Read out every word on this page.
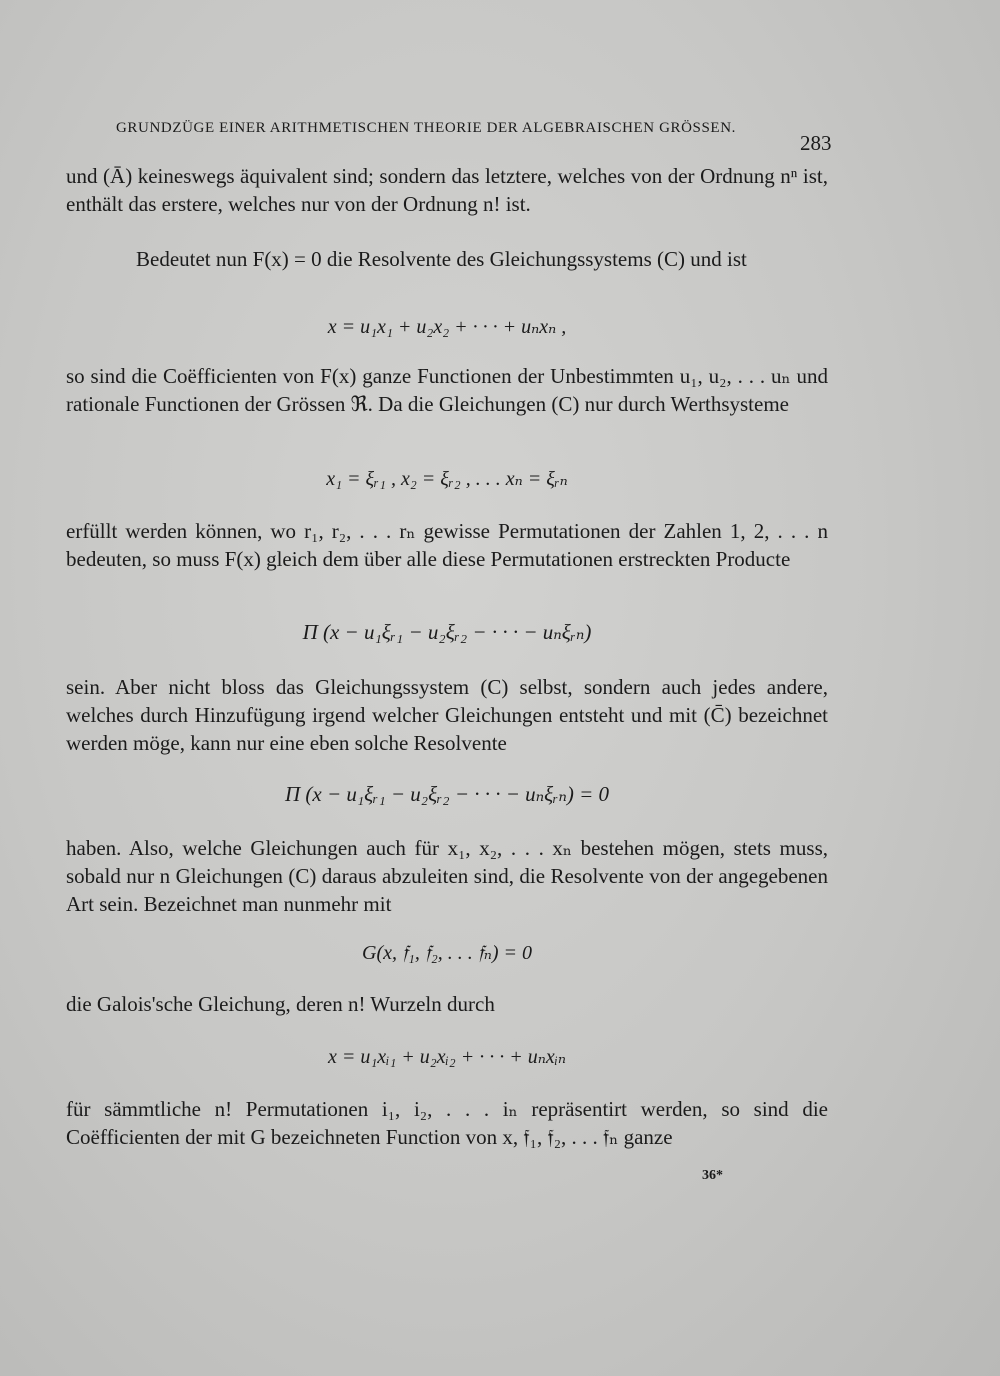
GRUNDZÜGE EINER ARITHMETISCHEN THEORIE DER ALGEBRAISCHEN GRÖSSEN.
283
und (Ā) keineswegs äquivalent sind; sondern das letztere, welches von der Ordnung nⁿ ist, enthält das erstere, welches nur von der Ordnung n! ist.
Bedeutet nun F(x) = 0 die Resolvente des Gleichungssystems (C) und ist
x = u₁x₁ + u₂x₂ + · · · + uₙxₙ ,
so sind die Coëfficienten von F(x) ganze Functionen der Unbestimmten u₁, u₂, . . . uₙ und rationale Functionen der Grössen ℜ. Da die Gleichungen (C) nur durch Werthsysteme
x₁ = ξᵣ₁ , x₂ = ξᵣ₂ , . . . xₙ = ξᵣₙ
erfüllt werden können, wo r₁, r₂, . . . rₙ gewisse Permutationen der Zahlen 1, 2, . . . n bedeuten, so muss F(x) gleich dem über alle diese Permutationen erstreckten Producte
Π (x − u₁ξᵣ₁ − u₂ξᵣ₂ − · · · − uₙξᵣₙ)
sein. Aber nicht bloss das Gleichungssystem (C) selbst, sondern auch jedes andere, welches durch Hinzufügung irgend welcher Gleichungen entsteht und mit (C̄) bezeichnet werden möge, kann nur eine eben solche Resolvente
Π (x − u₁ξᵣ₁ − u₂ξᵣ₂ − · · · − uₙξᵣₙ) = 0
haben. Also, welche Gleichungen auch für x₁, x₂, . . . xₙ bestehen mögen, stets muss, sobald nur n Gleichungen (C) daraus abzuleiten sind, die Resolvente von der angegebenen Art sein. Bezeichnet man nunmehr mit
G(x, 𝔣₁, 𝔣₂, . . . 𝔣ₙ) = 0
die Galois'sche Gleichung, deren n! Wurzeln durch
x = u₁xᵢ₁ + u₂xᵢ₂ + · · · + uₙxᵢₙ
für sämmtliche n! Permutationen i₁, i₂, . . . iₙ repräsentirt werden, so sind die Coëfficienten der mit G bezeichneten Function von x, 𝔣₁, 𝔣₂, . . . 𝔣ₙ ganze
36*
